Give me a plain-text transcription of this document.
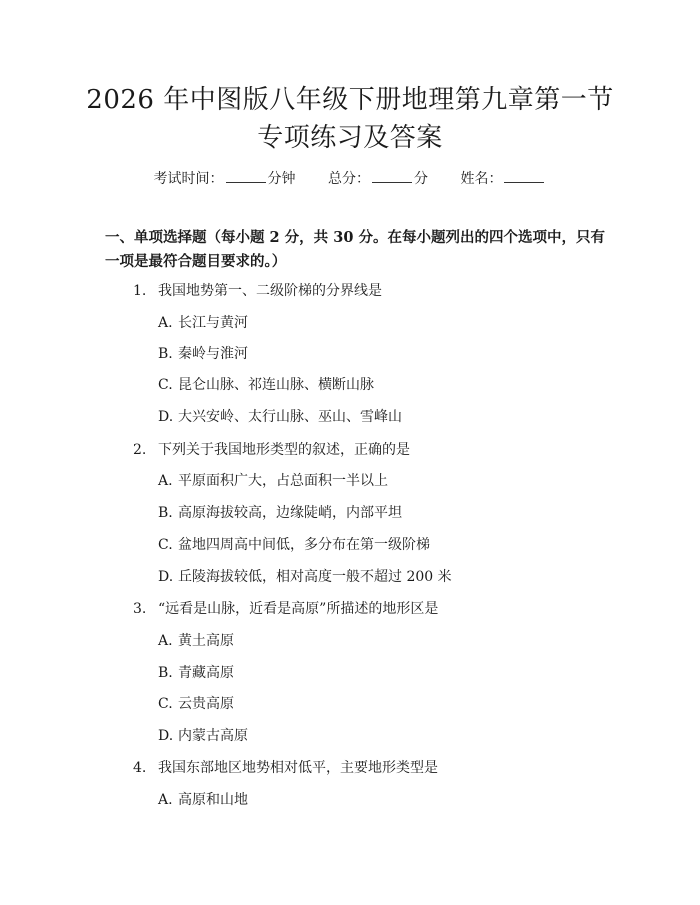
2026 年中图版八年级下册地理第九章第一节
专项练习及答案
考试时间：	分钟 总分：	分 姓名：
一、单项选择题（每小题 2 分，共 30 分。在每小题列出的四个选项中，只有一项是最符合题目要求的。）
1. 我国地势第一、二级阶梯的分界线是
A. 长江与黄河
B. 秦岭与淮河
C. 昆仑山脉、祁连山脉、横断山脉
D. 大兴安岭、太行山脉、巫山、雪峰山
2. 下列关于我国地形类型的叙述，正确的是
A. 平原面积广大，占总面积一半以上
B. 高原海拔较高，边缘陡峭，内部平坦
C. 盆地四周高中间低，多分布在第一级阶梯
D. 丘陵海拔较低，相对高度一般不超过 200 米
3. “远看是山脉，近看是高原”所描述的地形区是
A. 黄土高原
B. 青藏高原
C. 云贵高原
D. 内蒙古高原
4. 我国东部地区地势相对低平，主要地形类型是
A. 高原和山地
